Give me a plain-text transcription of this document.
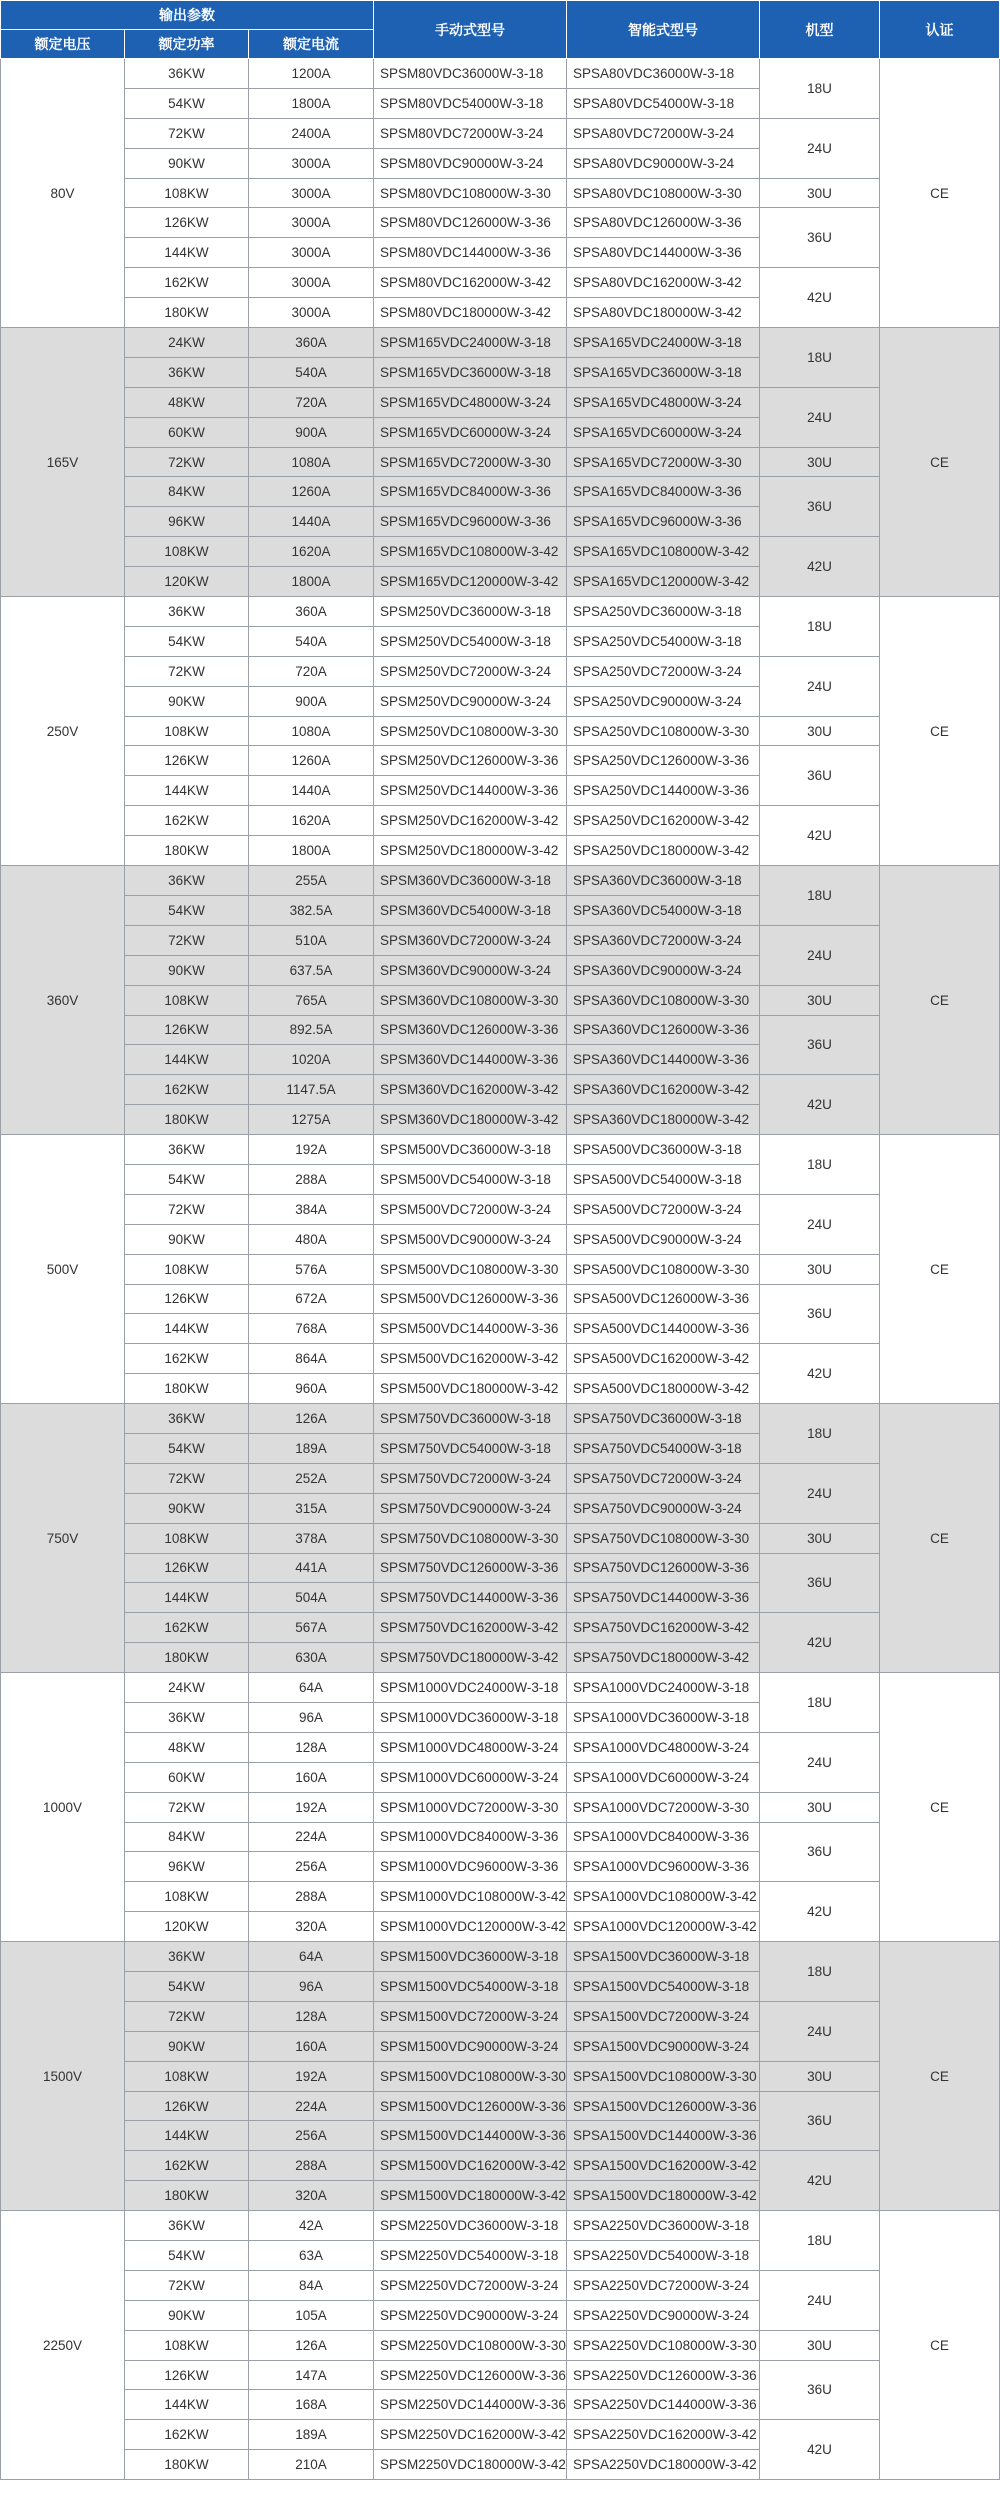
输出参数			手动式型号	智能式型号	机型	认证
额定电压	额定功率	额定电流				
80V	36KW	1200A	SPSM80VDC36000W-3-18	SPSA80VDC36000W-3-18	18U	CE
	54KW	1800A	SPSM80VDC54000W-3-18	SPSA80VDC54000W-3-18		
	72KW	2400A	SPSM80VDC72000W-3-24	SPSA80VDC72000W-3-24	24U	
	90KW	3000A	SPSM80VDC90000W-3-24	SPSA80VDC90000W-3-24		
	108KW	3000A	SPSM80VDC108000W-3-30	SPSA80VDC108000W-3-30	30U	
	126KW	3000A	SPSM80VDC126000W-3-36	SPSA80VDC126000W-3-36	36U	
	144KW	3000A	SPSM80VDC144000W-3-36	SPSA80VDC144000W-3-36		
	162KW	3000A	SPSM80VDC162000W-3-42	SPSA80VDC162000W-3-42	42U	
	180KW	3000A	SPSM80VDC180000W-3-42	SPSA80VDC180000W-3-42		
165V	24KW	360A	SPSM165VDC24000W-3-18	SPSA165VDC24000W-3-18	18U	CE
	36KW	540A	SPSM165VDC36000W-3-18	SPSA165VDC36000W-3-18		
	48KW	720A	SPSM165VDC48000W-3-24	SPSA165VDC48000W-3-24	24U	
	60KW	900A	SPSM165VDC60000W-3-24	SPSA165VDC60000W-3-24		
	72KW	1080A	SPSM165VDC72000W-3-30	SPSA165VDC72000W-3-30	30U	
	84KW	1260A	SPSM165VDC84000W-3-36	SPSA165VDC84000W-3-36	36U	
	96KW	1440A	SPSM165VDC96000W-3-36	SPSA165VDC96000W-3-36		
	108KW	1620A	SPSM165VDC108000W-3-42	SPSA165VDC108000W-3-42	42U	
	120KW	1800A	SPSM165VDC120000W-3-42	SPSA165VDC120000W-3-42		
250V	36KW	360A	SPSM250VDC36000W-3-18	SPSA250VDC36000W-3-18	18U	CE
	54KW	540A	SPSM250VDC54000W-3-18	SPSA250VDC54000W-3-18		
	72KW	720A	SPSM250VDC72000W-3-24	SPSA250VDC72000W-3-24	24U	
	90KW	900A	SPSM250VDC90000W-3-24	SPSA250VDC90000W-3-24		
	108KW	1080A	SPSM250VDC108000W-3-30	SPSA250VDC108000W-3-30	30U	
	126KW	1260A	SPSM250VDC126000W-3-36	SPSA250VDC126000W-3-36	36U	
	144KW	1440A	SPSM250VDC144000W-3-36	SPSA250VDC144000W-3-36		
	162KW	1620A	SPSM250VDC162000W-3-42	SPSA250VDC162000W-3-42	42U	
	180KW	1800A	SPSM250VDC180000W-3-42	SPSA250VDC180000W-3-42		
360V	36KW	255A	SPSM360VDC36000W-3-18	SPSA360VDC36000W-3-18	18U	CE
	54KW	382.5A	SPSM360VDC54000W-3-18	SPSA360VDC54000W-3-18		
	72KW	510A	SPSM360VDC72000W-3-24	SPSA360VDC72000W-3-24	24U	
	90KW	637.5A	SPSM360VDC90000W-3-24	SPSA360VDC90000W-3-24		
	108KW	765A	SPSM360VDC108000W-3-30	SPSA360VDC108000W-3-30	30U	
	126KW	892.5A	SPSM360VDC126000W-3-36	SPSA360VDC126000W-3-36	36U	
	144KW	1020A	SPSM360VDC144000W-3-36	SPSA360VDC144000W-3-36		
	162KW	1147.5A	SPSM360VDC162000W-3-42	SPSA360VDC162000W-3-42	42U	
	180KW	1275A	SPSM360VDC180000W-3-42	SPSA360VDC180000W-3-42		
500V	36KW	192A	SPSM500VDC36000W-3-18	SPSA500VDC36000W-3-18	18U	CE
	54KW	288A	SPSM500VDC54000W-3-18	SPSA500VDC54000W-3-18		
	72KW	384A	SPSM500VDC72000W-3-24	SPSA500VDC72000W-3-24	24U	
	90KW	480A	SPSM500VDC90000W-3-24	SPSA500VDC90000W-3-24		
	108KW	576A	SPSM500VDC108000W-3-30	SPSA500VDC108000W-3-30	30U	
	126KW	672A	SPSM500VDC126000W-3-36	SPSA500VDC126000W-3-36	36U	
	144KW	768A	SPSM500VDC144000W-3-36	SPSA500VDC144000W-3-36		
	162KW	864A	SPSM500VDC162000W-3-42	SPSA500VDC162000W-3-42	42U	
	180KW	960A	SPSM500VDC180000W-3-42	SPSA500VDC180000W-3-42		
750V	36KW	126A	SPSM750VDC36000W-3-18	SPSA750VDC36000W-3-18	18U	CE
	54KW	189A	SPSM750VDC54000W-3-18	SPSA750VDC54000W-3-18		
	72KW	252A	SPSM750VDC72000W-3-24	SPSA750VDC72000W-3-24	24U	
	90KW	315A	SPSM750VDC90000W-3-24	SPSA750VDC90000W-3-24		
	108KW	378A	SPSM750VDC108000W-3-30	SPSA750VDC108000W-3-30	30U	
	126KW	441A	SPSM750VDC126000W-3-36	SPSA750VDC126000W-3-36	36U	
	144KW	504A	SPSM750VDC144000W-3-36	SPSA750VDC144000W-3-36		
	162KW	567A	SPSM750VDC162000W-3-42	SPSA750VDC162000W-3-42	42U	
	180KW	630A	SPSM750VDC180000W-3-42	SPSA750VDC180000W-3-42		
1000V	24KW	64A	SPSM1000VDC24000W-3-18	SPSA1000VDC24000W-3-18	18U	CE
	36KW	96A	SPSM1000VDC36000W-3-18	SPSA1000VDC36000W-3-18		
	48KW	128A	SPSM1000VDC48000W-3-24	SPSA1000VDC48000W-3-24	24U	
	60KW	160A	SPSM1000VDC60000W-3-24	SPSA1000VDC60000W-3-24		
	72KW	192A	SPSM1000VDC72000W-3-30	SPSA1000VDC72000W-3-30	30U	
	84KW	224A	SPSM1000VDC84000W-3-36	SPSA1000VDC84000W-3-36	36U	
	96KW	256A	SPSM1000VDC96000W-3-36	SPSA1000VDC96000W-3-36		
	108KW	288A	SPSM1000VDC108000W-3-42	SPSA1000VDC108000W-3-42	42U	
	120KW	320A	SPSM1000VDC120000W-3-42	SPSA1000VDC120000W-3-42		
1500V	36KW	64A	SPSM1500VDC36000W-3-18	SPSA1500VDC36000W-3-18	18U	CE
	54KW	96A	SPSM1500VDC54000W-3-18	SPSA1500VDC54000W-3-18		
	72KW	128A	SPSM1500VDC72000W-3-24	SPSA1500VDC72000W-3-24	24U	
	90KW	160A	SPSM1500VDC90000W-3-24	SPSA1500VDC90000W-3-24		
	108KW	192A	SPSM1500VDC108000W-3-30	SPSA1500VDC108000W-3-30	30U	
	126KW	224A	SPSM1500VDC126000W-3-36	SPSA1500VDC126000W-3-36	36U	
	144KW	256A	SPSM1500VDC144000W-3-36	SPSA1500VDC144000W-3-36		
	162KW	288A	SPSM1500VDC162000W-3-42	SPSA1500VDC162000W-3-42	42U	
	180KW	320A	SPSM1500VDC180000W-3-42	SPSA1500VDC180000W-3-42		
2250V	36KW	42A	SPSM2250VDC36000W-3-18	SPSA2250VDC36000W-3-18	18U	CE
	54KW	63A	SPSM2250VDC54000W-3-18	SPSA2250VDC54000W-3-18		
	72KW	84A	SPSM2250VDC72000W-3-24	SPSA2250VDC72000W-3-24	24U	
	90KW	105A	SPSM2250VDC90000W-3-24	SPSA2250VDC90000W-3-24		
	108KW	126A	SPSM2250VDC108000W-3-30	SPSA2250VDC108000W-3-30	30U	
	126KW	147A	SPSM2250VDC126000W-3-36	SPSA2250VDC126000W-3-36	36U	
	144KW	168A	SPSM2250VDC144000W-3-36	SPSA2250VDC144000W-3-36		
	162KW	189A	SPSM2250VDC162000W-3-42	SPSA2250VDC162000W-3-42	42U	
	180KW	210A	SPSM2250VDC180000W-3-42	SPSA2250VDC180000W-3-42		
